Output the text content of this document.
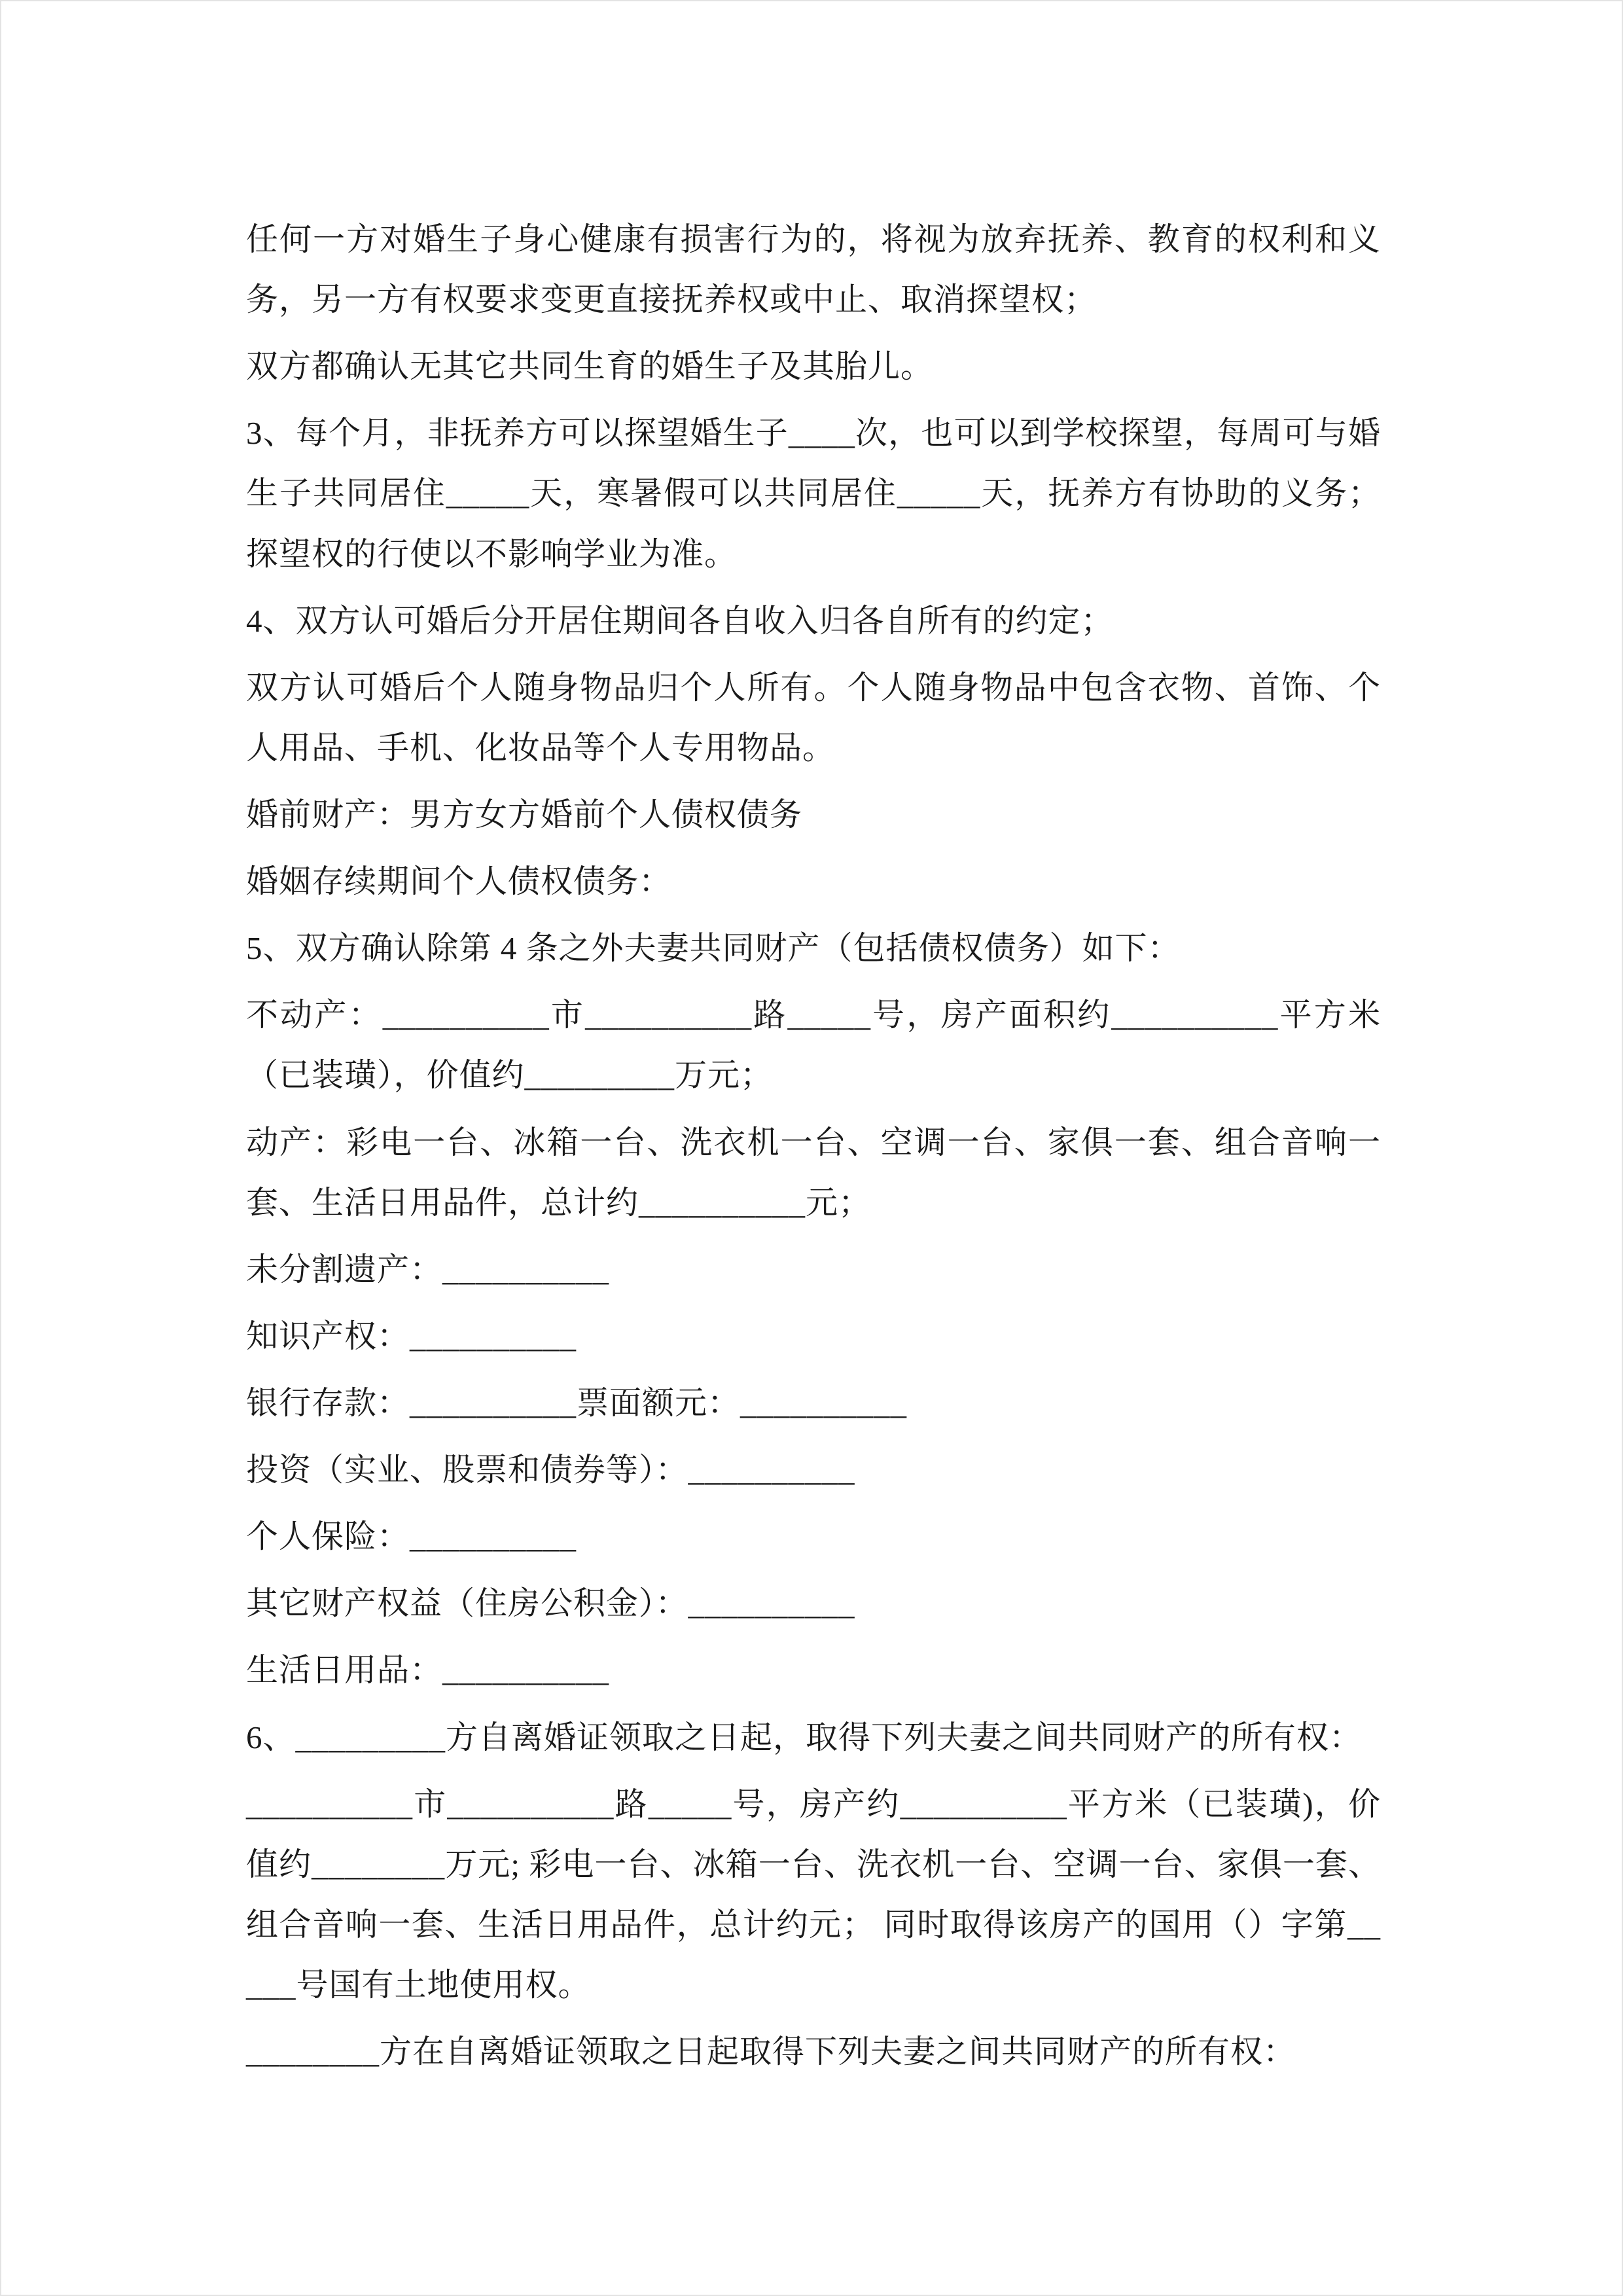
任何一方对婚生子身心健康有损害行为的，将视为放弃抚养、教育的权利和义务，另一方有权要求变更直接抚养权或中止、取消探望权；

双方都确认无其它共同生育的婚生子及其胎儿。

3、每个月，非抚养方可以探望婚生子____次，也可以到学校探望，每周可与婚生子共同居住_____天，寒暑假可以共同居住_____天，抚养方有协助的义务；探望权的行使以不影响学业为准。

4、双方认可婚后分开居住期间各自收入归各自所有的约定；

双方认可婚后个人随身物品归个人所有。个人随身物品中包含衣物、首饰、个人用品、手机、化妆品等个人专用物品。

婚前财产：男方女方婚前个人债权债务

婚姻存续期间个人债权债务：

5、双方确认除第 4 条之外夫妻共同财产（包括债权债务）如下：

不动产：__________市__________路_____号，房产面积约__________平方米（已装璜），价值约_________万元；

动产：彩电一台、冰箱一台、洗衣机一台、空调一台、家俱一套、组合音响一套、生活日用品件，总计约__________元；

未分割遗产：__________

知识产权：__________

银行存款：__________票面额元：__________

投资（实业、股票和债券等）：__________

个人保险：__________

其它财产权益（住房公积金）：__________

生活日用品：__________

6、_________方自离婚证领取之日起，取得下列夫妻之间共同财产的所有权：

__________市__________路_____号，房产约__________平方米（已装璜)，价值约________万元; 彩电一台、冰箱一台、洗衣机一台、空调一台、家俱一套、组合音响一套、生活日用品件，总计约元； 同时取得该房产的国用（）字第_____号国有土地使用权。

________方在自离婚证领取之日起取得下列夫妻之间共同财产的所有权：
